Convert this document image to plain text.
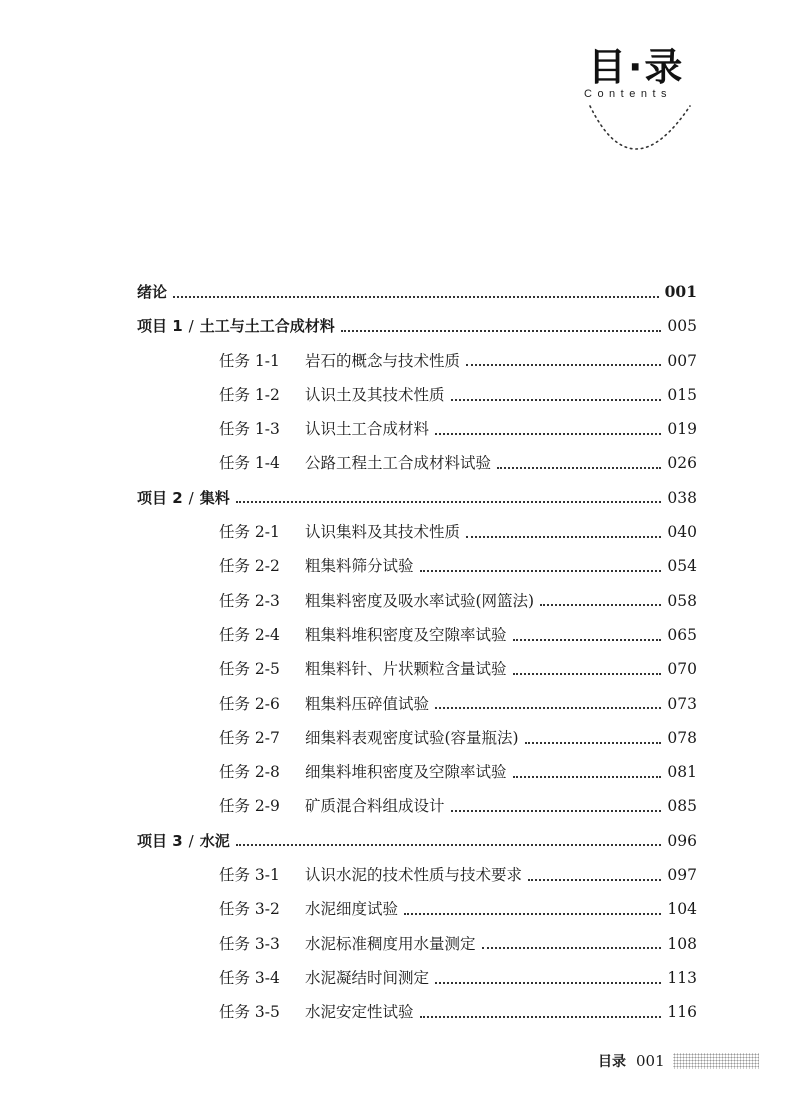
目·录
Contents
绪论	001
项目 1 / 土工与土工合成材料	005
任务 1-1	岩石的概念与技术性质	007
任务 1-2	认识土及其技术性质	015
任务 1-3	认识土工合成材料	019
任务 1-4	公路工程土工合成材料试验	026
项目 2 / 集料	038
任务 2-1	认识集料及其技术性质	040
任务 2-2	粗集料筛分试验	054
任务 2-3	粗集料密度及吸水率试验(网篮法)	058
任务 2-4	粗集料堆积密度及空隙率试验	065
任务 2-5	粗集料针、片状颗粒含量试验	070
任务 2-6	粗集料压碎值试验	073
任务 2-7	细集料表观密度试验(容量瓶法)	078
任务 2-8	细集料堆积密度及空隙率试验	081
任务 2-9	矿质混合料组成设计	085
项目 3 / 水泥	096
任务 3-1	认识水泥的技术性质与技术要求	097
任务 3-2	水泥细度试验	104
任务 3-3	水泥标准稠度用水量测定	108
任务 3-4	水泥凝结时间测定	113
任务 3-5	水泥安定性试验	116
目录 001
